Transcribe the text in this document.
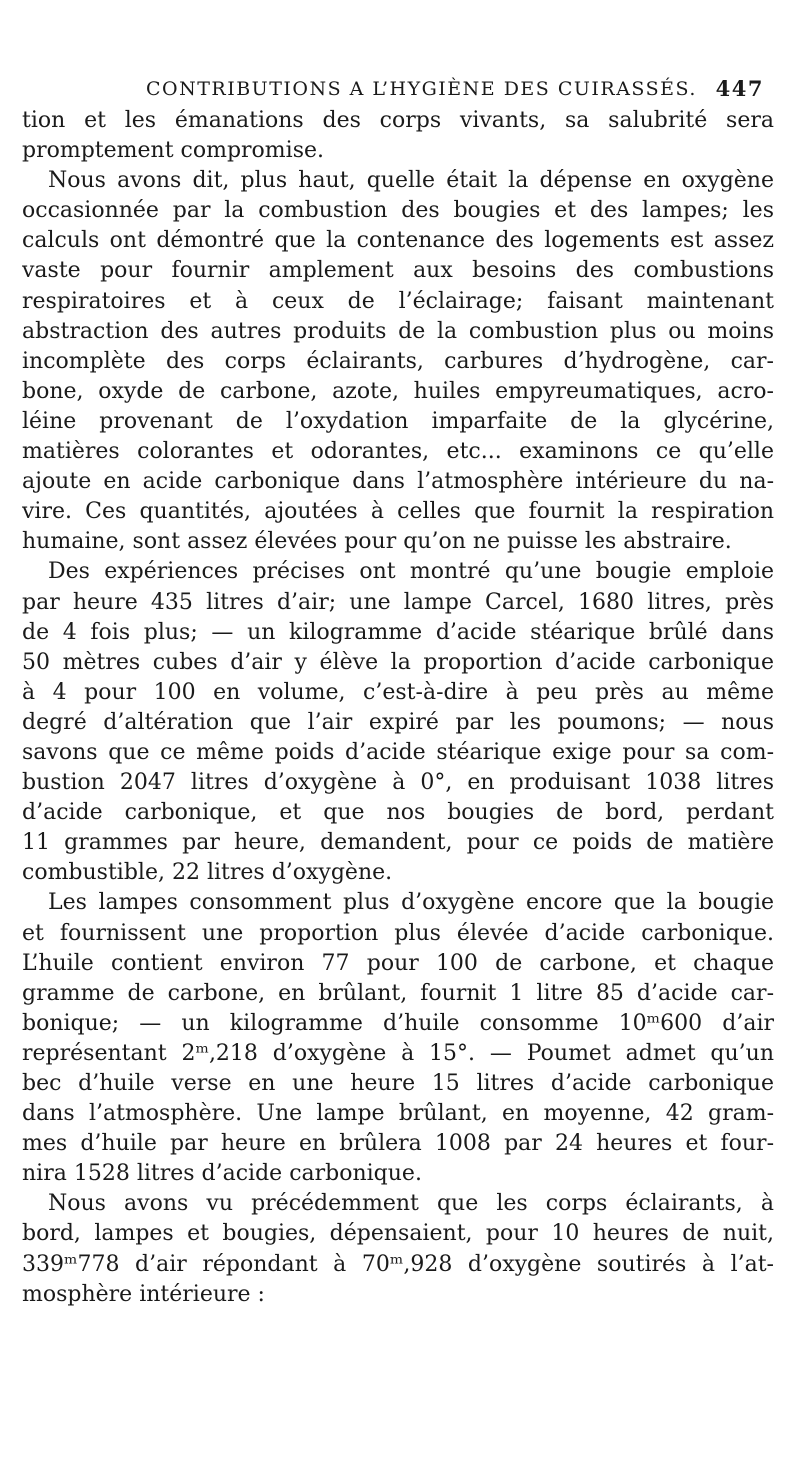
CONTRIBUTIONS A L’HYGIÈNE DES CUIRASSÉS. 447
tion et les émanations des corps vivants, sa salubrité sera
promptement compromise.
Nous avons dit, plus haut, quelle était la dépense en oxygène
occasionnée par la combustion des bougies et des lampes; les
calculs ont démontré que la contenance des logements est assez
vaste pour fournir amplement aux besoins des combustions
respiratoires et à ceux de l’éclairage; faisant maintenant
abstraction des autres produits de la combustion plus ou moins
incomplète des corps éclairants, carbures d’hydrogène, car-
bone, oxyde de carbone, azote, huiles empyreumatiques, acro-
léine provenant de l’oxydation imparfaite de la glycérine,
matières colorantes et odorantes, etc... examinons ce qu’elle
ajoute en acide carbonique dans l’atmosphère intérieure du na-
vire. Ces quantités, ajoutées à celles que fournit la respiration
humaine, sont assez élevées pour qu’on ne puisse les abstraire.
Des expériences précises ont montré qu’une bougie emploie
par heure 435 litres d’air; une lampe Carcel, 1680 litres, près
de 4 fois plus; — un kilogramme d’acide stéarique brûlé dans
50 mètres cubes d’air y élève la proportion d’acide carbonique
à 4 pour 100 en volume, c’est-à-dire à peu près au même
degré d’altération que l’air expiré par les poumons; — nous
savons que ce même poids d’acide stéarique exige pour sa com-
bustion 2047 litres d’oxygène à 0°, en produisant 1038 litres
d’acide carbonique, et que nos bougies de bord, perdant
11 grammes par heure, demandent, pour ce poids de matière
combustible, 22 litres d’oxygène.
Les lampes consomment plus d’oxygène encore que la bougie
et fournissent une proportion plus élevée d’acide carbonique.
L’huile contient environ 77 pour 100 de carbone, et chaque
gramme de carbone, en brûlant, fournit 1 litre 85 d’acide car-
bonique; — un kilogramme d’huile consomme 10ᵐ600 d’air
représentant 2ᵐ,218 d’oxygène à 15°. — Poumet admet qu’un
bec d’huile verse en une heure 15 litres d’acide carbonique
dans l’atmosphère. Une lampe brûlant, en moyenne, 42 gram-
mes d’huile par heure en brûlera 1008 par 24 heures et four-
nira 1528 litres d’acide carbonique.
Nous avons vu précédemment que les corps éclairants, à
bord, lampes et bougies, dépensaient, pour 10 heures de nuit,
339ᵐ778 d’air répondant à 70ᵐ,928 d’oxygène soutirés à l’at-
mosphère intérieure :
